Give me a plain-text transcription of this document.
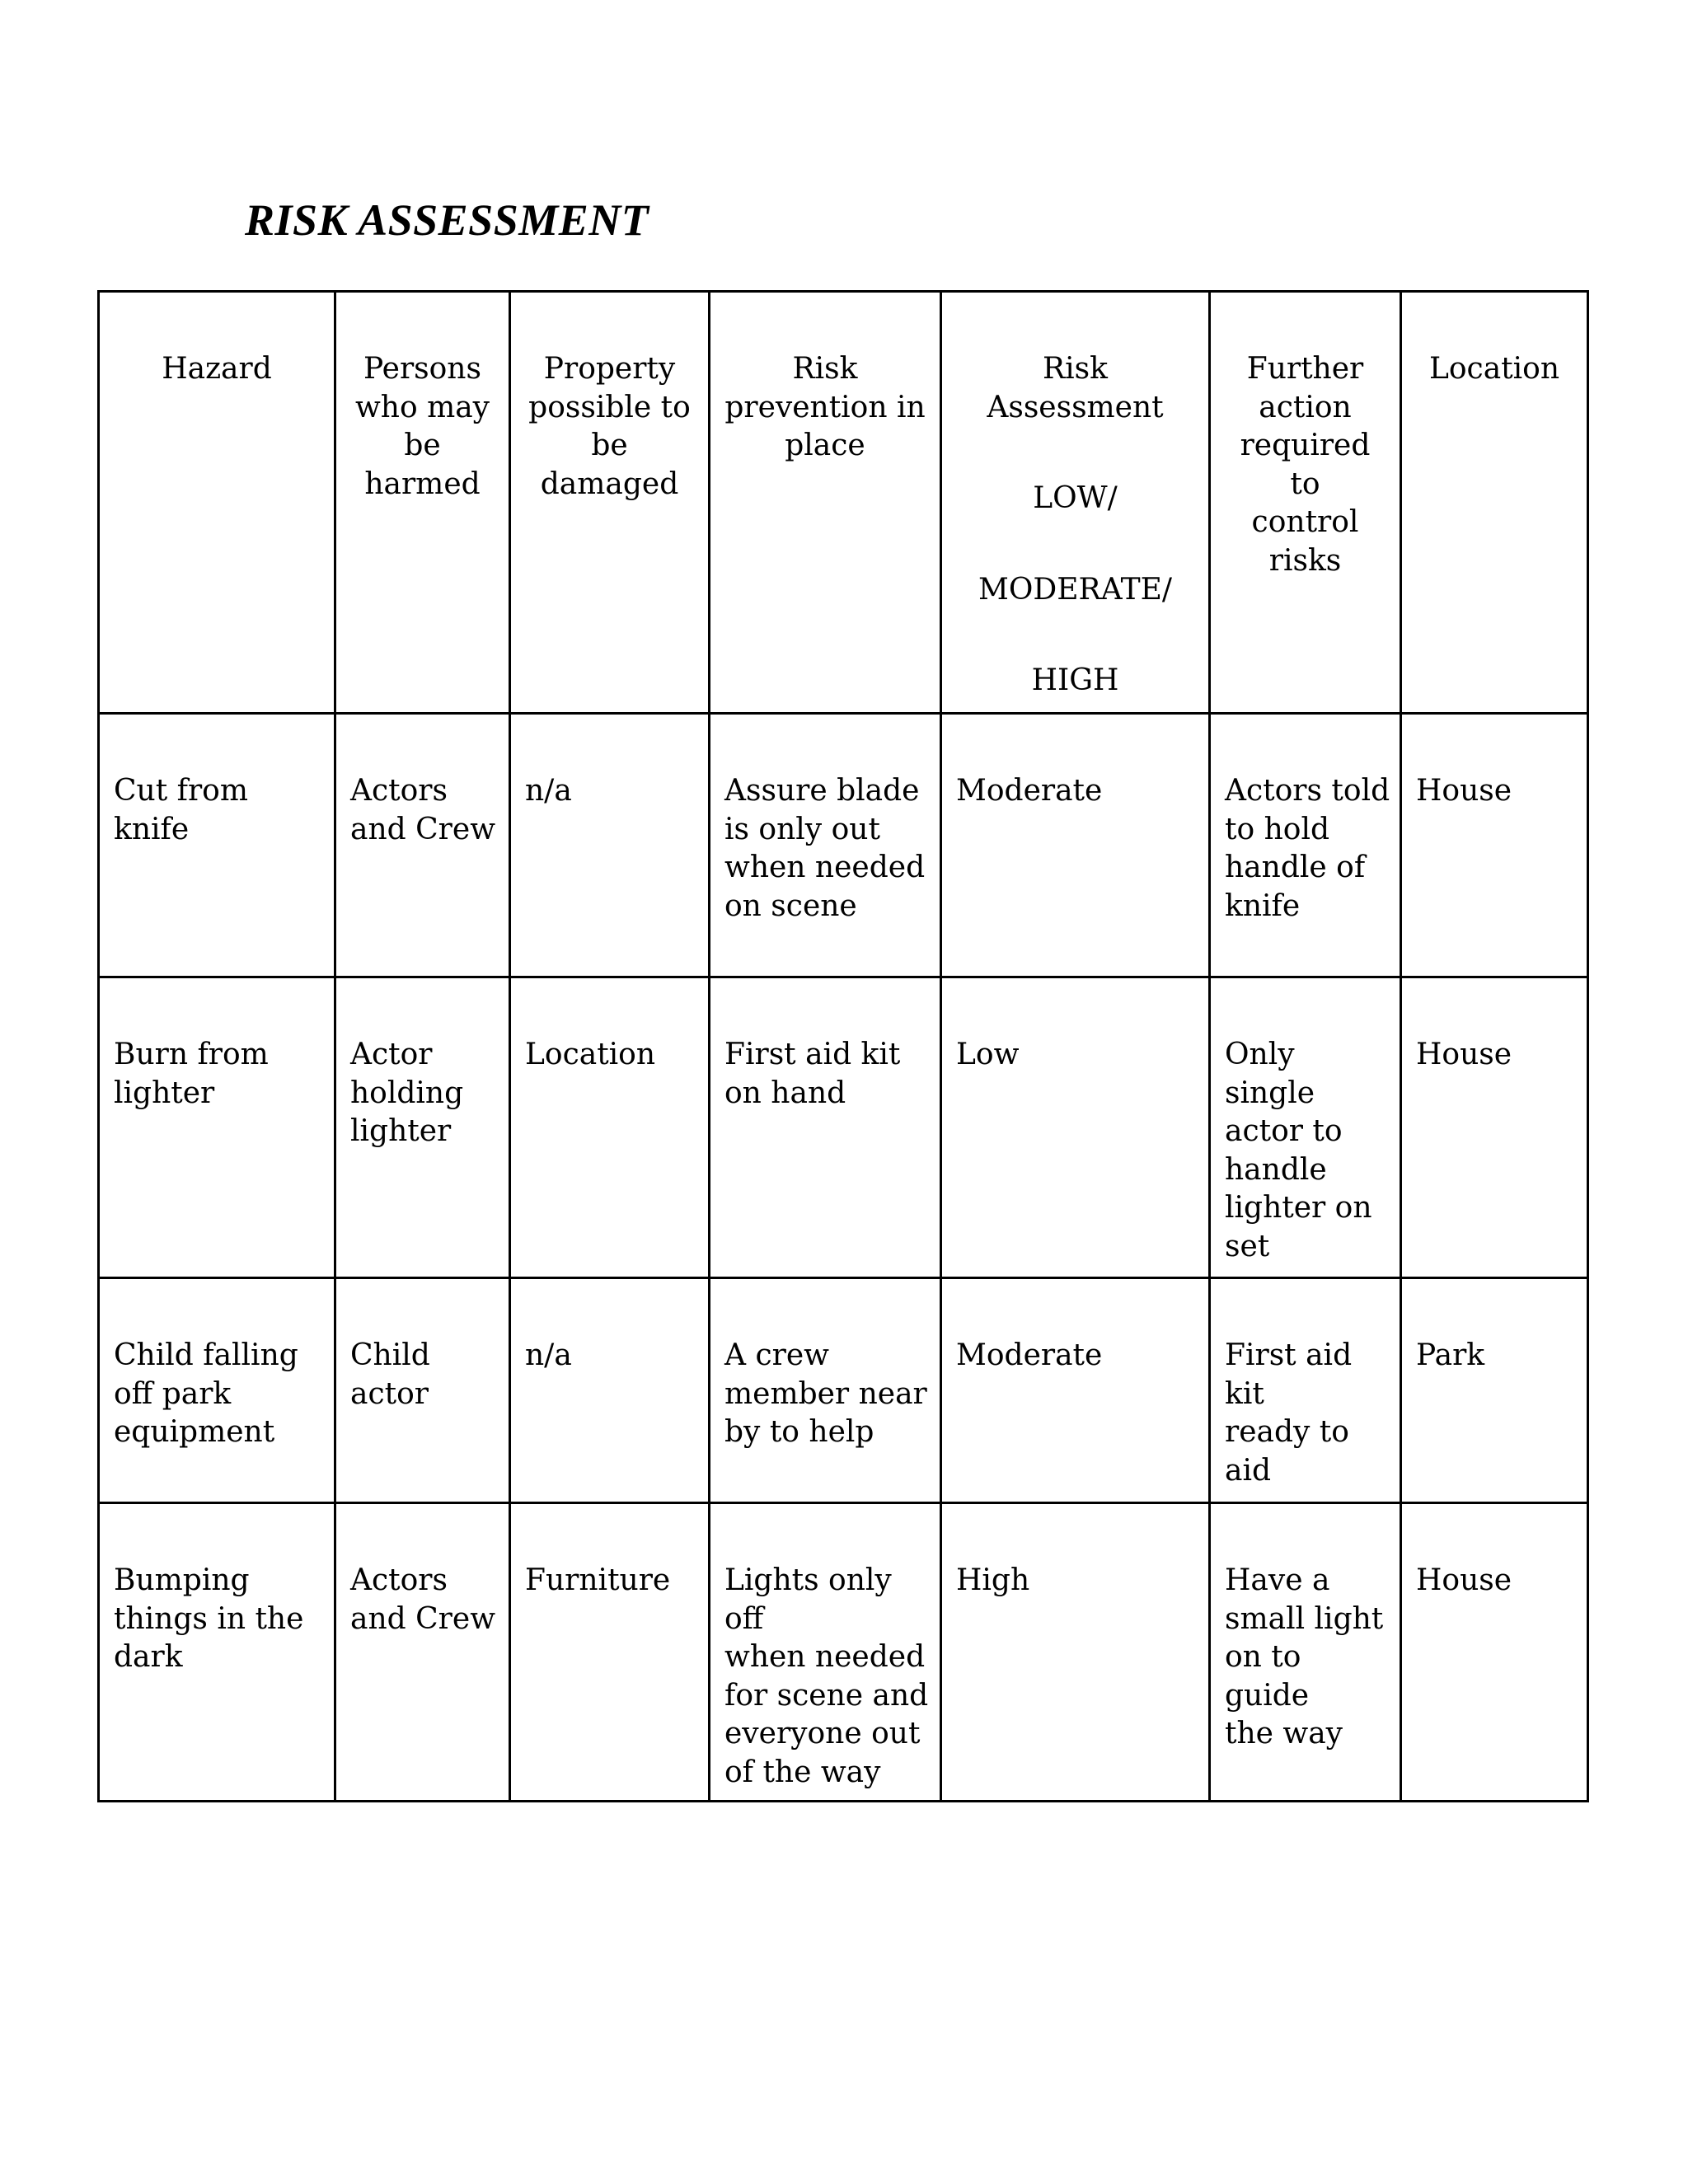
RISK ASSESSMENT
Hazard	Persons
who may
be
harmed	Property
possible to
be damaged	Risk
prevention in
place	Risk Assessment
LOW/
MODERATE/
HIGH	Further
action
required to
control
risks	Location

Cut from knife	Actors
and Crew	n/a	Assure blade
is only out
when needed
on scene	Moderate	Actors told
to hold
handle of
knife	House

Burn from
lighter	Actor
holding
lighter	Location	First aid kit
on hand	Low	Only single
actor to
handle
lighter on
set	House

Child falling
off park
equipment	Child
actor	n/a	A crew
member near
by to help	Moderate	First aid kit
ready to
aid	Park

Bumping
things in the
dark	Actors
and Crew	Furniture	Lights only off
when needed
for scene and
everyone out
of the way	High	Have a
small light
on to guide
the way	House
